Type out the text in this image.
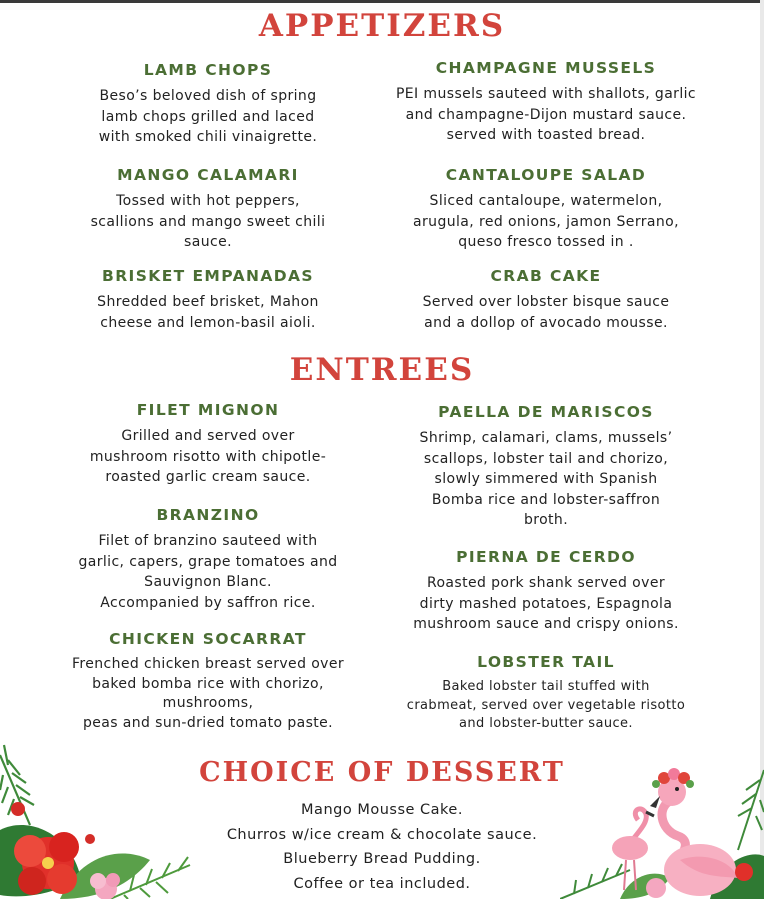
APPETIZERS
LAMB CHOPS

Beso’s beloved dish of spring
lamb chops grilled and laced
with smoked chili vinaigrette.

CHAMPAGNE MUSSELS

PEI mussels sauteed with shallots, garlic
and champagne-Dijon mustard sauce.
served with toasted bread.

MANGO CALAMARI

Tossed with hot peppers,
scallions and mango sweet chili
sauce.

CANTALOUPE SALAD

Sliced cantaloupe, watermelon,
arugula, red onions, jamon Serrano,
queso fresco tossed in .

BRISKET EMPANADAS

Shredded beef brisket, Mahon
cheese and lemon-basil aioli.

CRAB CAKE

Served over lobster bisque sauce
and a dollop of avocado mousse.

ENTREES
FILET MIGNON

Grilled and served over
mushroom risotto with chipotle-
roasted garlic cream sauce.

PAELLA DE MARISCOS

Shrimp, calamari, clams, mussels’
scallops, lobster tail and chorizo,
slowly simmered with Spanish
Bomba rice and lobster-saffron
broth.

BRANZINO

Filet of branzino sauteed with
garlic, capers, grape tomatoes and
Sauvignon Blanc.
Accompanied by saffron rice.

PIERNA DE CERDO

Roasted pork shank served over
dirty mashed potatoes, Espagnola
mushroom sauce and crispy onions.

CHICKEN SOCARRAT

Frenched chicken breast served over
baked bomba rice with chorizo,
mushrooms,
peas and sun-dried tomato paste.

LOBSTER TAIL

Baked lobster tail stuffed with
crabmeat, served over vegetable risotto
and lobster-butter sauce.

CHOICE OF DESSERT
Mango Mousse Cake.
Churros w/ice cream & chocolate sauce.
Blueberry Bread Pudding.
Coffee or tea included.
